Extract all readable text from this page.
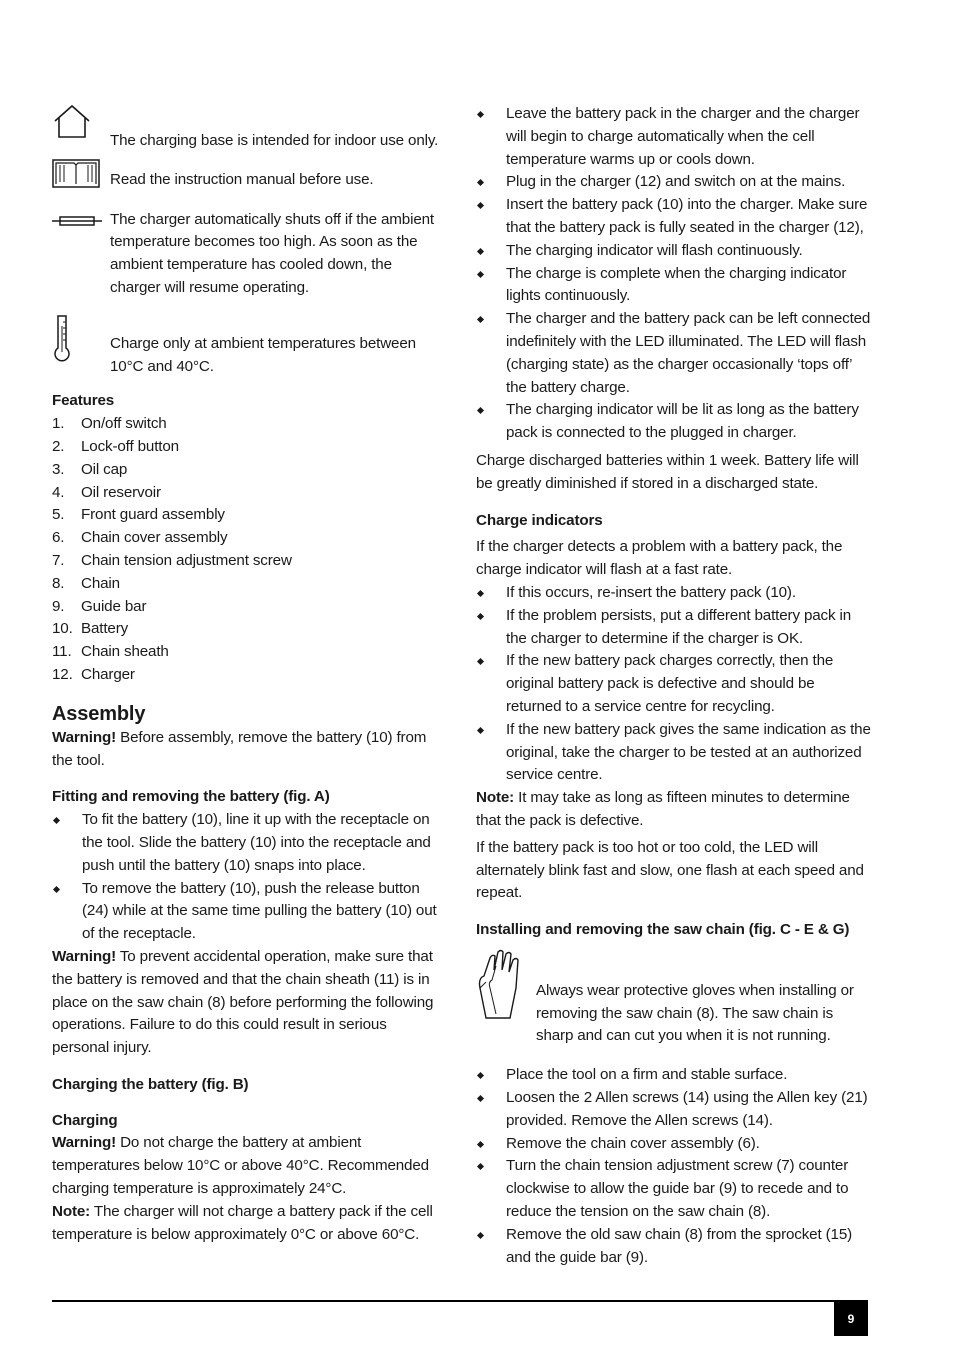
The charging base is intended for indoor use only.

Read the instruction manual before use.

The charger automatically shuts off if the ambient temperature becomes too high. As soon as the ambient temperature has cooled down, the charger will resume operating.

Charge only at ambient temperatures between 10°C and 40°C.

Features

1.	On/off switch
2.	Lock-off button
3.	Oil cap
4.	Oil reservoir
5.	Front guard assembly
6.	Chain cover assembly
7.	Chain tension adjustment screw
8.	Chain
9.	Guide bar
10. Battery
11. Chain sheath
12. Charger

Assembly

Warning! Before assembly, remove the battery (10) from the tool.

Fitting and removing the battery (fig. A)

To fit the battery (10), line it up with the receptacle on the tool. Slide the battery (10) into the receptacle and push until the battery (10) snaps into place.
To remove the battery (10), push the release button (24) while at the same time pulling the battery (10) out of the receptacle.

Warning! To prevent accidental operation, make sure that the battery is removed and that the chain sheath (11) is in place on the saw chain (8) before performing the following operations. Failure to do this could result in serious personal injury.

Charging the battery (fig. B)

Charging

Warning! Do not charge the battery at ambient temperatures below 10°C or above 40°C. Recommended charging temperature is approximately 24°C.

Note: The charger will not charge a battery pack if the cell temperature is below approximately 0°C or above 60°C.

Leave the battery pack in the charger and the charger will begin to charge automatically when the cell temperature warms up or cools down.
Plug in the charger (12) and switch on at the mains.
Insert the battery pack (10) into the charger. Make sure that the battery pack is fully seated in the charger (12),
The charging indicator will flash continuously.
The charge is complete when the charging indicator lights continuously.
The charger and the battery pack can be left connected indefinitely with the LED illuminated. The LED will flash (charging state) as the charger occasionally ‘tops off’ the battery charge.
The charging indicator will be lit as long as the battery pack is connected to the plugged in charger.

Charge discharged batteries within 1 week. Battery life will be greatly diminished if stored in a discharged state.

Charge indicators

If the charger detects a problem with a battery pack, the charge indicator will flash at a fast rate.

If this occurs, re-insert the battery pack (10).
If the problem persists, put a different battery pack in the charger to determine if the charger is OK.
If the new battery pack charges correctly, then the original battery pack is defective and should be returned to a service centre for recycling.
If the new battery pack gives the same indication as the original, take the charger to be tested at an authorized service centre.

Note: It may take as long as fifteen minutes to determine that the pack is defective.

If the battery pack is too hot or too cold, the LED will alternately blink fast and slow, one flash at each speed and repeat.

Installing and removing the saw chain (fig. C - E & G)

Always wear protective gloves when installing or removing the saw chain (8). The saw chain is sharp and can cut you when it is not running.

Place the tool on a firm and stable surface.
Loosen the 2 Allen screws (14) using the Allen key (21) provided. Remove the Allen screws (14).
Remove the chain cover assembly (6).
Turn the chain tension adjustment screw (7) counter clockwise to allow the guide bar (9) to recede and to reduce the tension on the saw chain (8).
Remove the old saw chain (8) from the sprocket (15) and the guide bar (9).
9
